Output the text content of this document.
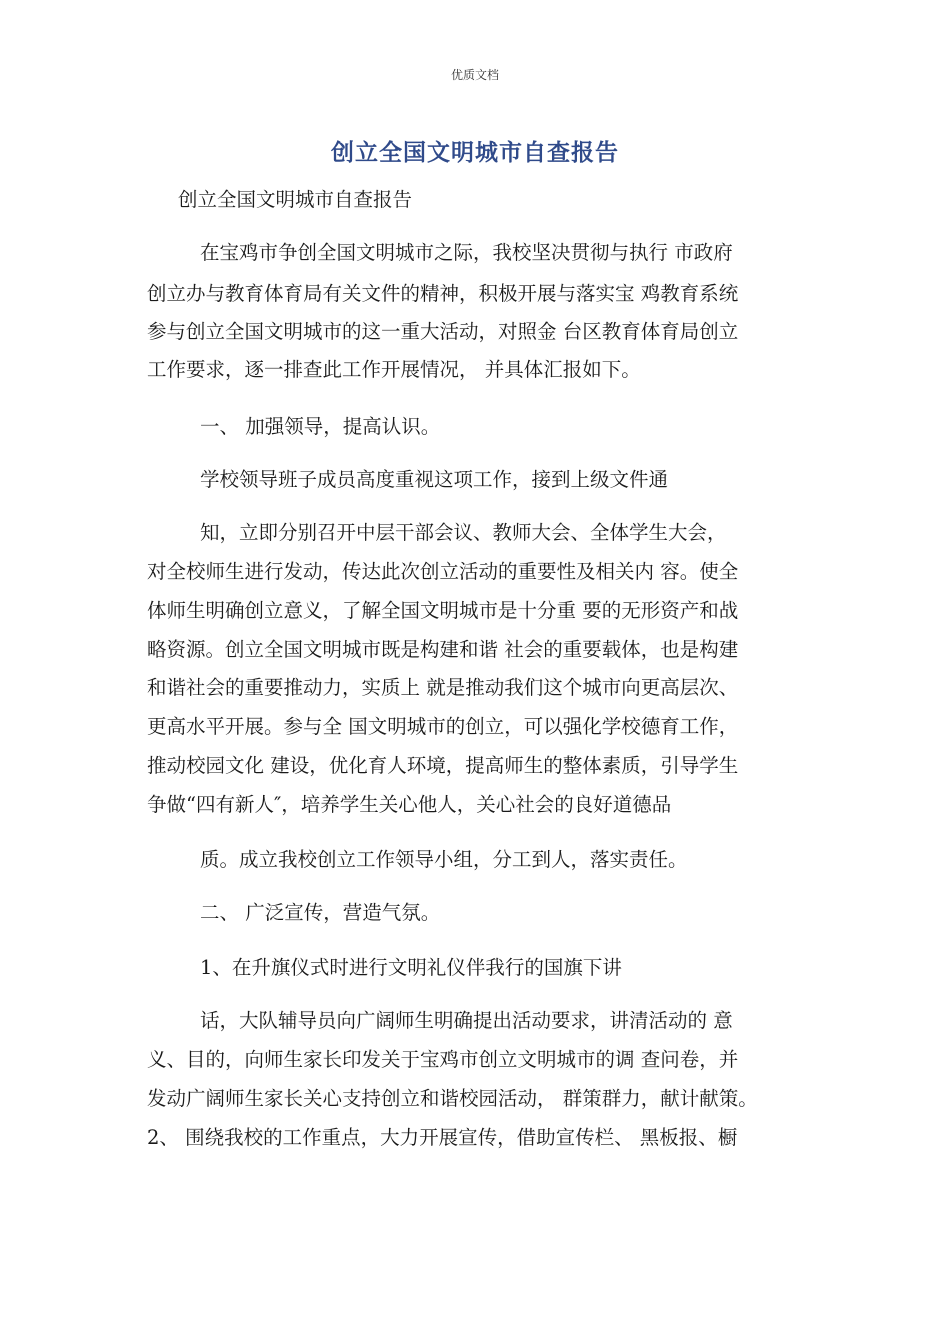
优质文档
创立全国文明城市自查报告
创立全国文明城市自查报告
在宝鸡市争创全国文明城市之际，我校坚决贯彻与执行 市政府
创立办与教育体育局有关文件的精神，积极开展与落实宝 鸡教育系统
参与创立全国文明城市的这一重大活动，对照金 台区教育体育局创立
工作要求，逐一排查此工作开展情况， 并具体汇报如下。
一、 加强领导，提高认识。
学校领导班子成员高度重视这项工作，接到上级文件通
知，立即分别召开中层干部会议、教师大会、全体学生大会，
对全校师生进行发动，传达此次创立活动的重要性及相关内 容。使全
体师生明确创立意义，了解全国文明城市是十分重 要的无形资产和战
略资源。创立全国文明城市既是构建和谐 社会的重要载体，也是构建
和谐社会的重要推动力，实质上 就是推动我们这个城市向更高层次、
更高水平开展。参与全 国文明城市的创立，可以强化学校德育工作，
推动校园文化 建设，优化育人环境，提高师生的整体素质，引导学生
争做“四有新人″，培养学生关心他人，关心社会的良好道德品
质。成立我校创立工作领导小组，分工到人，落实责任。
二、 广泛宣传，营造气氛。
1、在升旗仪式时进行文明礼仪伴我行的国旗下讲
话，大队辅导员向广阔师生明确提出活动要求，讲清活动的 意
义、目的，向师生家长印发关于宝鸡市创立文明城市的调 查问卷，并
发动广阔师生家长关心支持创立和谐校园活动， 群策群力，献计献策。
2、 围绕我校的工作重点，大力开展宣传，借助宣传栏、 黑板报、橱
